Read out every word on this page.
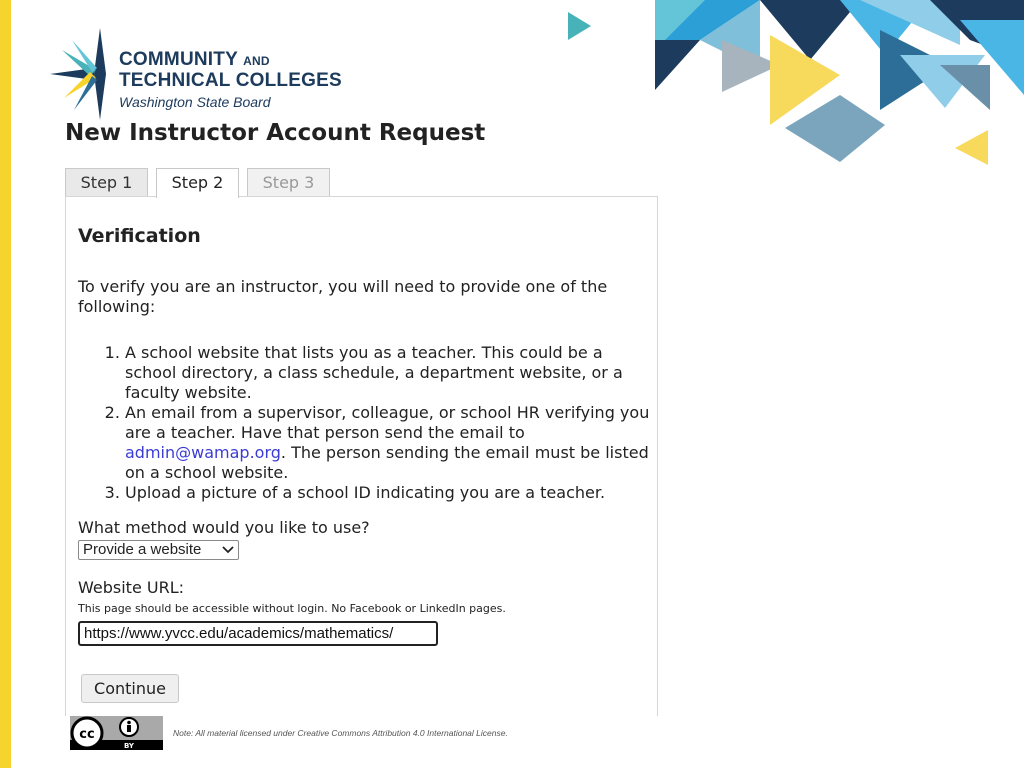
COMMUNITY AND
TECHNICAL COLLEGES
Washington State Board
New Instructor Account Request
Step 1	Step 2	Step 3
Verification

To verify you are an instructor, you will need to provide one of the following:

1. A school website that lists you as a teacher. This could be a school directory, a class schedule, a department website, or a faculty website.
2. An email from a supervisor, colleague, or school HR verifying you are a teacher. Have that person send the email to admin@wamap.org. The person sending the email must be listed on a school website.
3. Upload a picture of a school ID indicating you are a teacher.
What method would you like to use?
Provide a website
Website URL:
This page should be accessible without login. No Facebook or LinkedIn pages.
https://www.yvcc.edu/academics/mathematics/
Continue
cc
BY
Note: All material licensed under Creative Commons Attribution 4.0 International License.
